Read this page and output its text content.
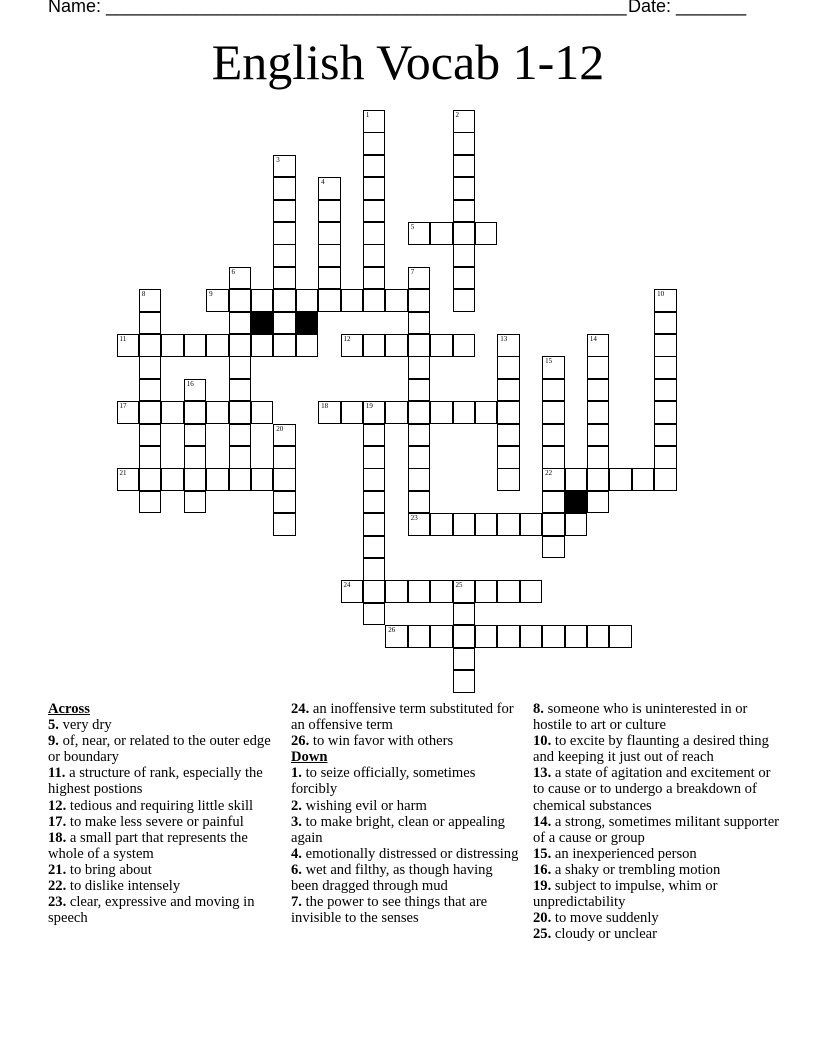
Name: ____________________________________________________ Date: _______
English Vocab 1-12
1	2
3
4
5
6	7
8	9	10
11	12	13	14
15
22
16
17	18	19
20
21
23
24	25
26
Across
5. very dry
9. of, near, or related to the outer edge or boundary
11. a structure of rank, especially the highest postions
12. tedious and requiring little skill
17. to make less severe or painful
18. a small part that represents the whole of a system
21. to bring about
22. to dislike intensely
23. clear, expressive and moving in speech
24. an inoffensive term substituted for an offensive term
26. to win favor with others
Down
1. to seize officially, sometimes forcibly
2. wishing evil or harm
3. to make bright, clean or appealing again
4. emotionally distressed or distressing
6. wet and filthy, as though having been dragged through mud
7. the power to see things that are invisible to the senses
8. someone who is uninterested in or hostile to art or culture
10. to excite by flaunting a desired thing and keeping it just out of reach
13. a state of agitation and excitement or to cause or to undergo a breakdown of chemical substances
14. a strong, sometimes militant supporter of a cause or group
15. an inexperienced person
16. a shaky or trembling motion
19. subject to impulse, whim or unpredictability
20. to move suddenly
25. cloudy or unclear
